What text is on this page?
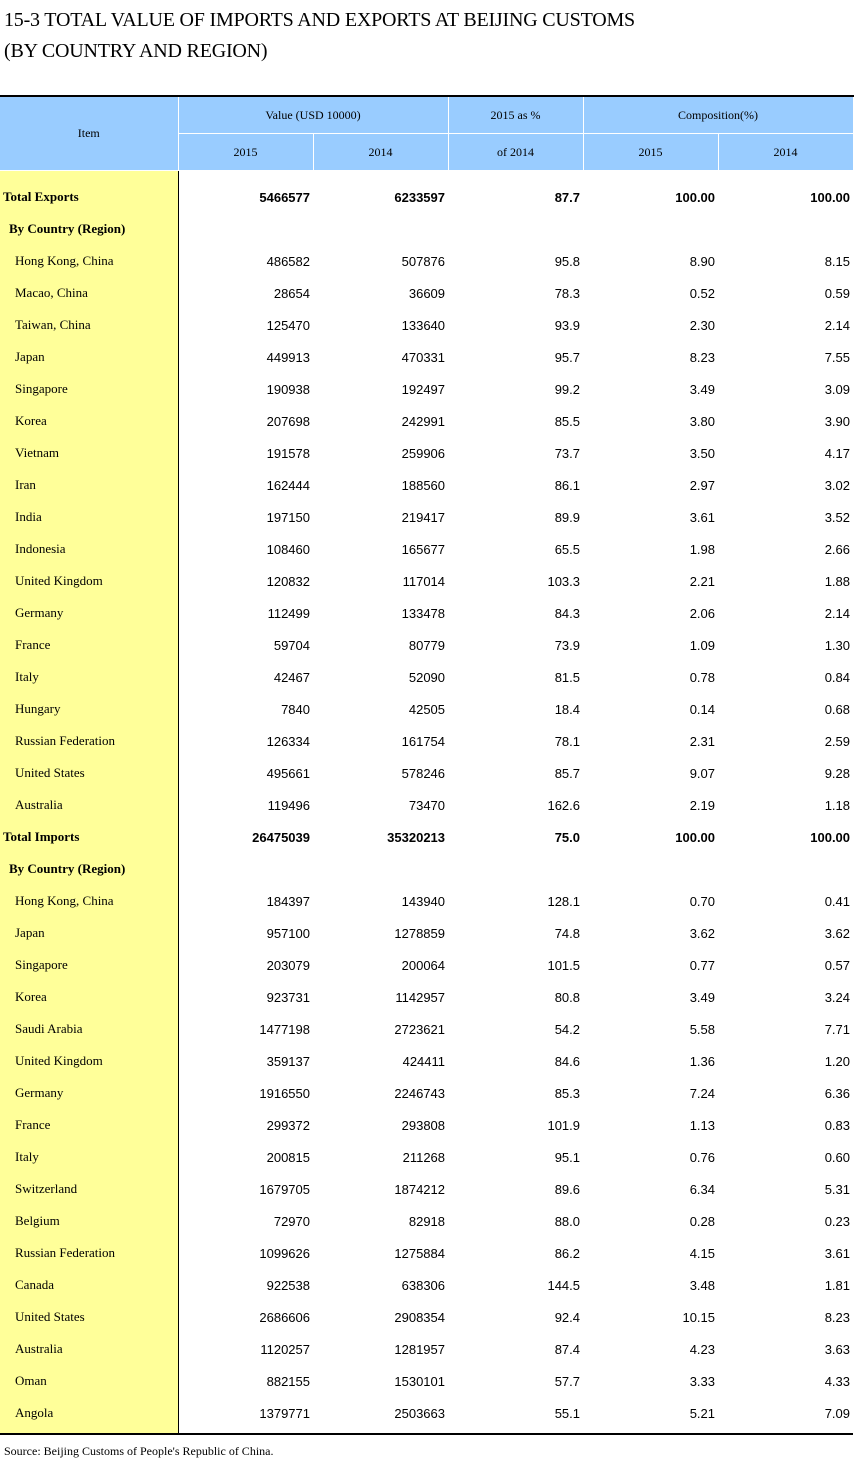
15-3 TOTAL VALUE OF IMPORTS AND EXPORTS AT BEIJING CUSTOMS
(BY COUNTRY AND REGION)
Item	Value (USD 10000)		2015 as %	Composition(%)	
	2015	2014	of 2014	2015	2014
Total Exports	5466577	6233597	87.7	100.00	100.00
By Country (Region)					
Hong Kong, China	486582	507876	95.8	8.90	8.15
Macao, China	28654	36609	78.3	0.52	0.59
Taiwan, China	125470	133640	93.9	2.30	2.14
Japan	449913	470331	95.7	8.23	7.55
Singapore	190938	192497	99.2	3.49	3.09
Korea	207698	242991	85.5	3.80	3.90
Vietnam	191578	259906	73.7	3.50	4.17
Iran	162444	188560	86.1	2.97	3.02
India	197150	219417	89.9	3.61	3.52
Indonesia	108460	165677	65.5	1.98	2.66
United Kingdom	120832	117014	103.3	2.21	1.88
Germany	112499	133478	84.3	2.06	2.14
France	59704	80779	73.9	1.09	1.30
Italy	42467	52090	81.5	0.78	0.84
Hungary	7840	42505	18.4	0.14	0.68
Russian Federation	126334	161754	78.1	2.31	2.59
United States	495661	578246	85.7	9.07	9.28
Australia	119496	73470	162.6	2.19	1.18
Total Imports	26475039	35320213	75.0	100.00	100.00
By Country (Region)					
Hong Kong, China	184397	143940	128.1	0.70	0.41
Japan	957100	1278859	74.8	3.62	3.62
Singapore	203079	200064	101.5	0.77	0.57
Korea	923731	1142957	80.8	3.49	3.24
Saudi Arabia	1477198	2723621	54.2	5.58	7.71
United Kingdom	359137	424411	84.6	1.36	1.20
Germany	1916550	2246743	85.3	7.24	6.36
France	299372	293808	101.9	1.13	0.83
Italy	200815	211268	95.1	0.76	0.60
Switzerland	1679705	1874212	89.6	6.34	5.31
Belgium	72970	82918	88.0	0.28	0.23
Russian Federation	1099626	1275884	86.2	4.15	3.61
Canada	922538	638306	144.5	3.48	1.81
United States	2686606	2908354	92.4	10.15	8.23
Australia	1120257	1281957	87.4	4.23	3.63
Oman	882155	1530101	57.7	3.33	4.33
Angola	1379771	2503663	55.1	5.21	7.09
Source: Beijing Customs of People's Republic of China.
